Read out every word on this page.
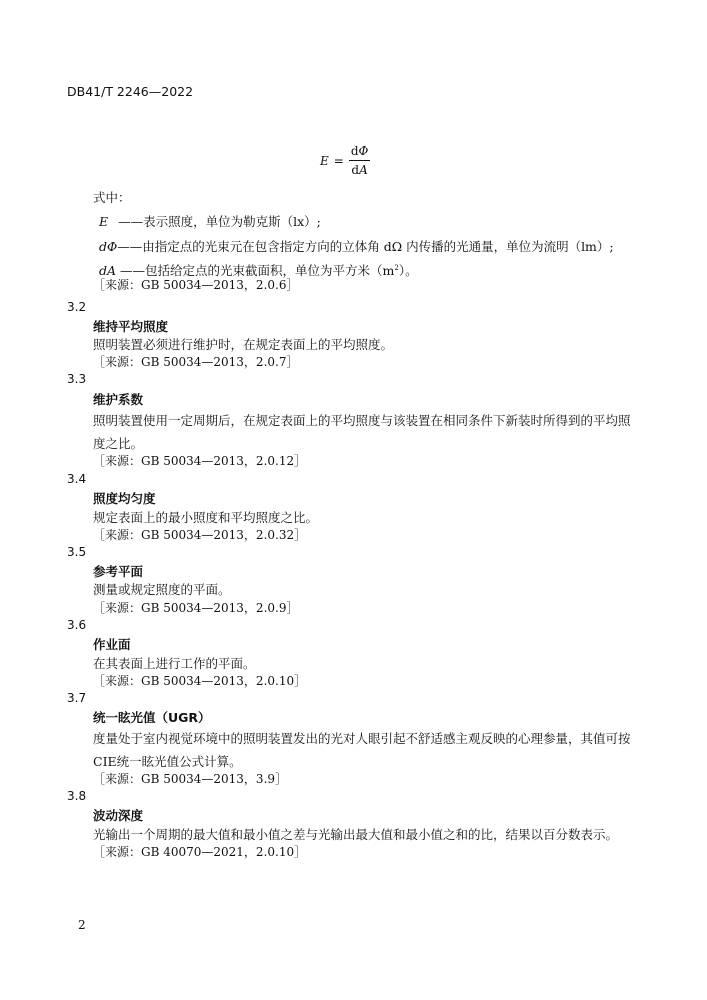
DB41/T 2246—2022
$E = \frac{d\Phi}{dA}$
式中：
E ——表示照度，单位为勒克斯（lx）;
dΦ——由指定点的光束元在包含指定方向的立体角 dΩ 内传播的光通量，单位为流明（lm）;
dA ——包括给定点的光束截面积，单位为平方米$(m^2)$。
［来源：GB 50034—2013，2.0.6］
3.2
维持平均照度
照明装置必须进行维护时，在规定表面上的平均照度。
［来源：GB 50034—2013，2.0.7］
3.3
维护系数
照明装置使用一定周期后，在规定表面上的平均照度与该装置在相同条件下新装时所得到的平均照
度之比。
［来源：GB 50034—2013，2.0.12］
3.4
照度均匀度
规定表面上的最小照度和平均照度之比。
［来源：GB 50034—2013，2.0.32］
3.5
参考平面
测量或规定照度的平面。
［来源：GB 50034—2013，2.0.9］
3.6
作业面
在其表面上进行工作的平面。
［来源：GB 50034—2013，2.0.10］
3.7
统一眩光值（UGR）
度量处于室内视觉环境中的照明装置发出的光对人眼引起不舒适感主观反映的心理参量，其值可按
CIE统一眩光值公式计算。
［来源：GB 50034—2013，3.9］
3.8
波动深度
光输出一个周期的最大值和最小值之差与光输出最大值和最小值之和的比，结果以百分数表示。
［来源：GB 40070—2021，2.0.10］
2
